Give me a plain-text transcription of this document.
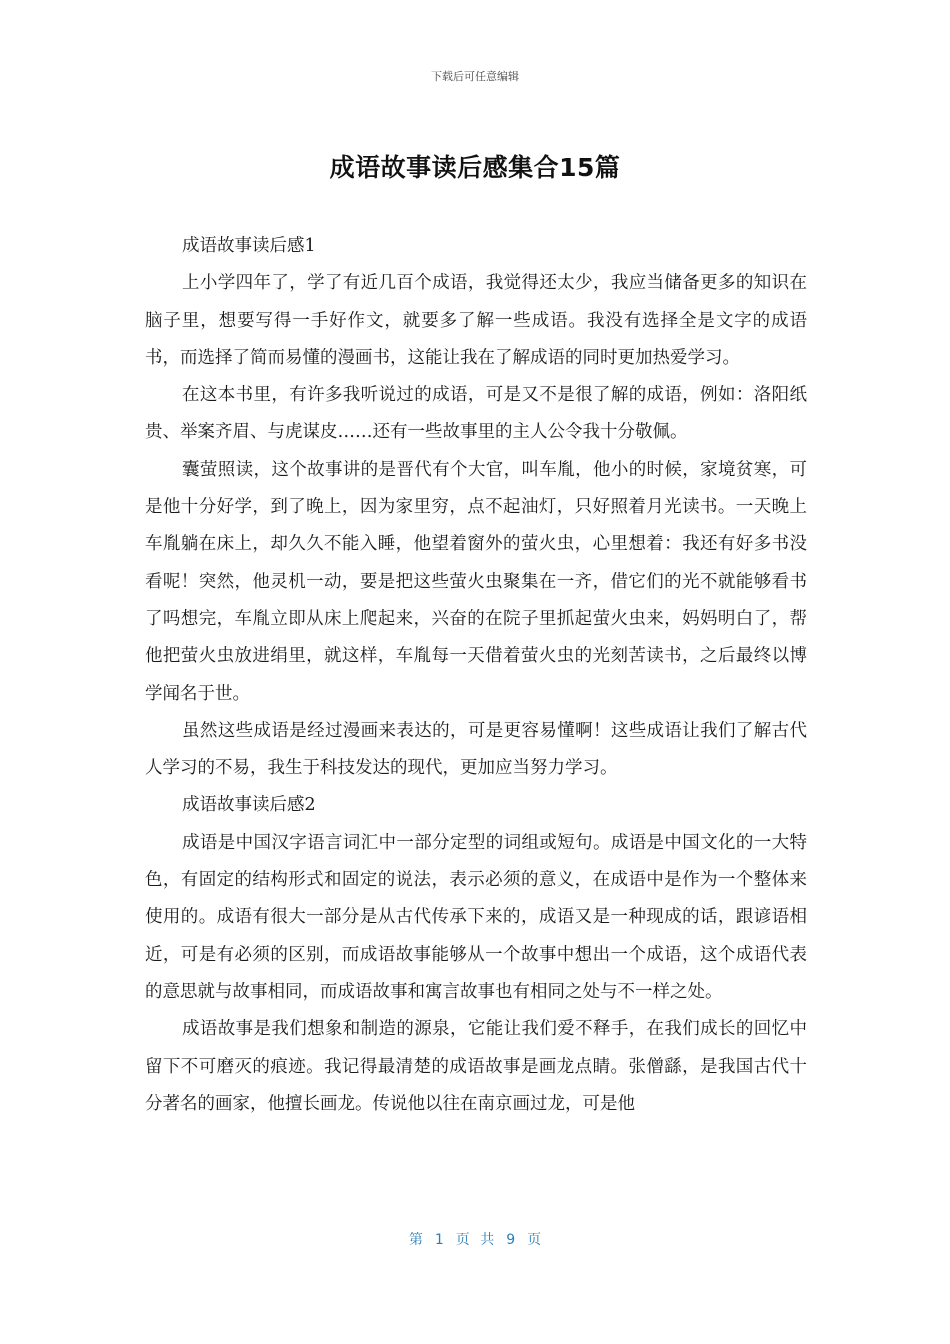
下载后可任意编辑
成语故事读后感集合15篇

成语故事读后感1

上小学四年了，学了有近几百个成语，我觉得还太少，我应当储备更多的知识在脑子里，想要写得一手好作文，就要多了解一些成语。我没有选择全是文字的成语书，而选择了简而易懂的漫画书，这能让我在了解成语的同时更加热爱学习。

在这本书里，有许多我听说过的成语，可是又不是很了解的成语，例如：洛阳纸贵、举案齐眉、与虎谋皮……还有一些故事里的主人公令我十分敬佩。

囊萤照读，这个故事讲的是晋代有个大官，叫车胤，他小的时候，家境贫寒，可是他十分好学，到了晚上，因为家里穷，点不起油灯，只好照着月光读书。一天晚上车胤躺在床上，却久久不能入睡，他望着窗外的萤火虫，心里想着：我还有好多书没看呢！突然，他灵机一动，要是把这些萤火虫聚集在一齐，借它们的光不就能够看书了吗想完，车胤立即从床上爬起来，兴奋的在院子里抓起萤火虫来，妈妈明白了，帮他把萤火虫放进绢里，就这样，车胤每一天借着萤火虫的光刻苦读书，之后最终以博学闻名于世。

虽然这些成语是经过漫画来表达的，可是更容易懂啊！这些成语让我们了解古代人学习的不易，我生于科技发达的现代，更加应当努力学习。

成语故事读后感2

成语是中国汉字语言词汇中一部分定型的词组或短句。成语是中国文化的一大特色，有固定的结构形式和固定的说法，表示必须的意义，在成语中是作为一个整体来使用的。成语有很大一部分是从古代传承下来的，成语又是一种现成的话，跟谚语相近，可是有必须的区别，而成语故事能够从一个故事中想出一个成语，这个成语代表的意思就与故事相同，而成语故事和寓言故事也有相同之处与不一样之处。

成语故事是我们想象和制造的源泉，它能让我们爱不释手，在我们成长的回忆中留下不可磨灭的痕迹。我记得最清楚的成语故事是画龙点睛。张僧繇，是我国古代十分著名的画家，他擅长画龙。传说他以往在南京画过龙，可是他

第 1 页 共 9 页
